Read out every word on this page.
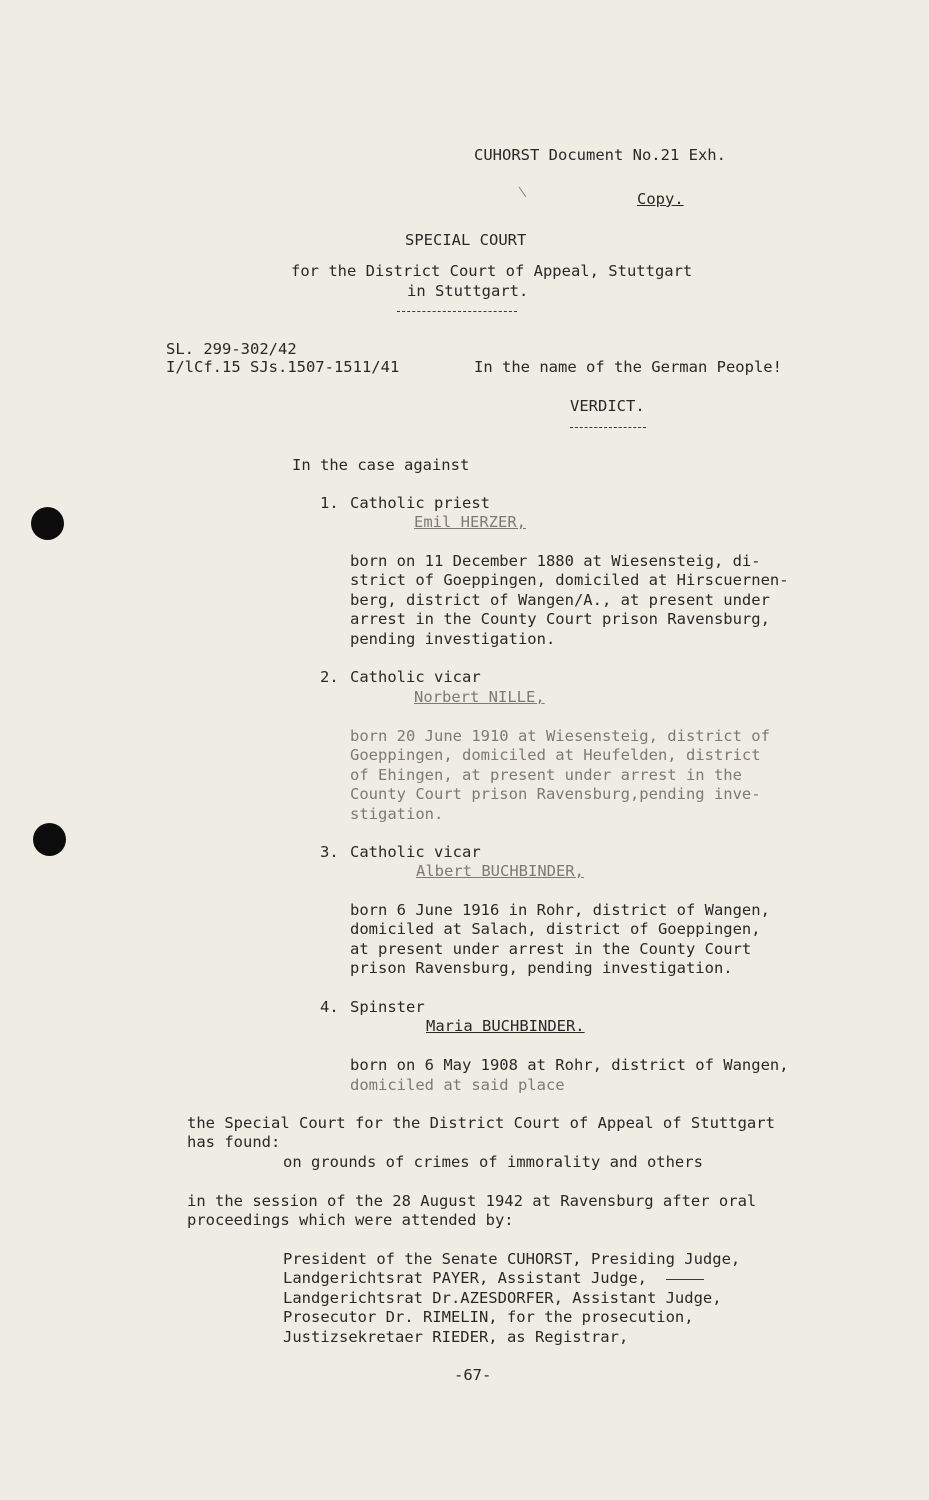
CUHORST Document No.21 Exh.

Copy.

SPECIAL COURT

for the District Court of Appeal, Stuttgart

in Stuttgart.

SL. 299-302/42

I/lCf.15 SJs.1507-1511/41	In the name of the German People!

VERDICT.

In the case against

1. Catholic priest

Emil HERZER,

born on 11 December 1880 at Wiesensteig, di-

strict of Goeppingen, domiciled at Hirscuernen-

berg, district of Wangen/A., at present under

arrest in the County Court prison Ravensburg,

pending investigation.

2. Catholic vicar

Norbert NILLE,

born 20 June 1910 at Wiesensteig, district of

Goeppingen, domiciled at Heufelden, district

of Ehingen, at present under arrest in the

County Court prison Ravensburg,pending inve-

stigation.

3. Catholic vicar

Albert BUCHBINDER,

born 6 June 1916 in Rohr, district of Wangen,

domiciled at Salach, district of Goeppingen,

at present under arrest in the County Court

prison Ravensburg, pending investigation.

4. Spinster

Maria BUCHBINDER.

born on 6 May 1908 at Rohr, district of Wangen,

domiciled at said place

the Special Court for the District Court of Appeal of Stuttgart

has found:

on grounds of crimes of immorality and others

in the session of the 28 August 1942 at Ravensburg after oral

proceedings which were attended by:

President of the Senate CUHORST, Presiding Judge,

Landgerichtsrat PAYER, Assistant Judge,

Landgerichtsrat Dr.AZESDORFER, Assistant Judge,

Prosecutor Dr. RIMELIN, for the prosecution,

Justizsekretaer RIEDER, as Registrar,

-67-
